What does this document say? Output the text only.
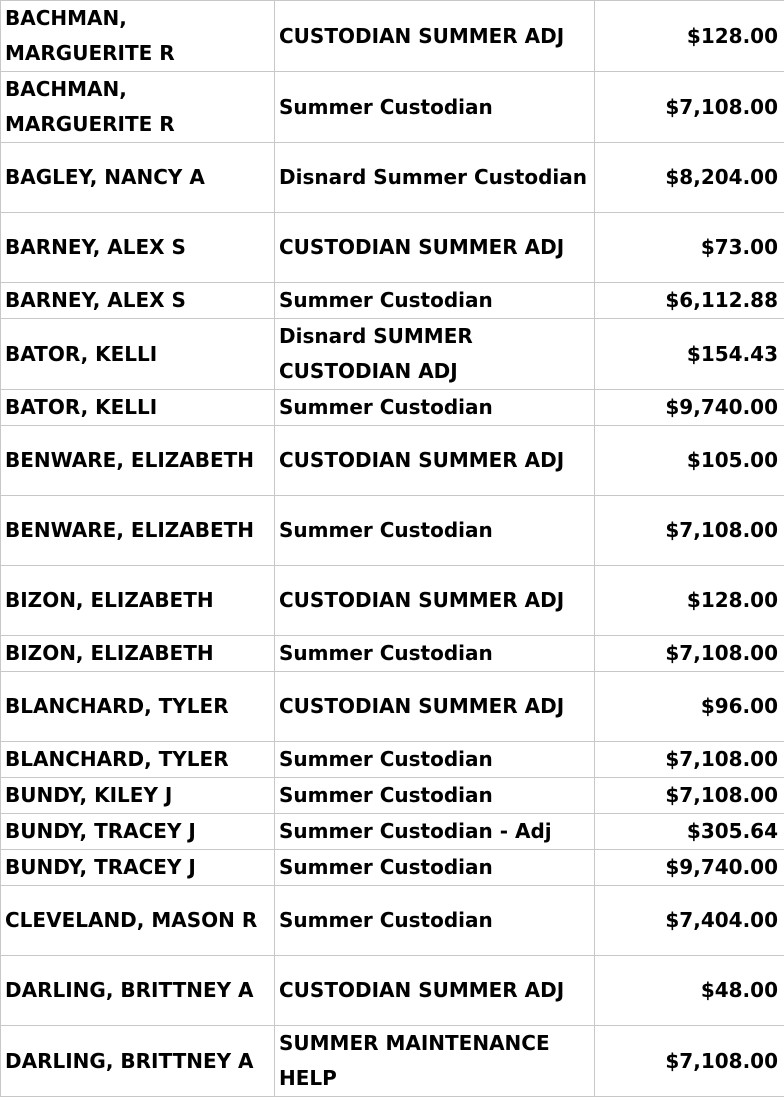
BACHMAN, MARGUERITE R	CUSTODIAN SUMMER ADJ	$128.00
BACHMAN, MARGUERITE R	Summer Custodian	$7,108.00
BAGLEY, NANCY A	Disnard Summer Custodian	$8,204.00
BARNEY, ALEX S	CUSTODIAN SUMMER ADJ	$73.00
BARNEY, ALEX S	Summer Custodian	$6,112.88
BATOR, KELLI	Disnard SUMMER CUSTODIAN ADJ	$154.43
BATOR, KELLI	Summer Custodian	$9,740.00
BENWARE, ELIZABETH	CUSTODIAN SUMMER ADJ	$105.00
BENWARE, ELIZABETH	Summer Custodian	$7,108.00
BIZON, ELIZABETH	CUSTODIAN SUMMER ADJ	$128.00
BIZON, ELIZABETH	Summer Custodian	$7,108.00
BLANCHARD, TYLER	CUSTODIAN SUMMER ADJ	$96.00
BLANCHARD, TYLER	Summer Custodian	$7,108.00
BUNDY, KILEY J	Summer Custodian	$7,108.00
BUNDY, TRACEY J	Summer Custodian - Adj	$305.64
BUNDY, TRACEY J	Summer Custodian	$9,740.00
CLEVELAND, MASON R	Summer Custodian	$7,404.00
DARLING, BRITTNEY A	CUSTODIAN SUMMER ADJ	$48.00
DARLING, BRITTNEY A	SUMMER MAINTENANCE HELP	$7,108.00
